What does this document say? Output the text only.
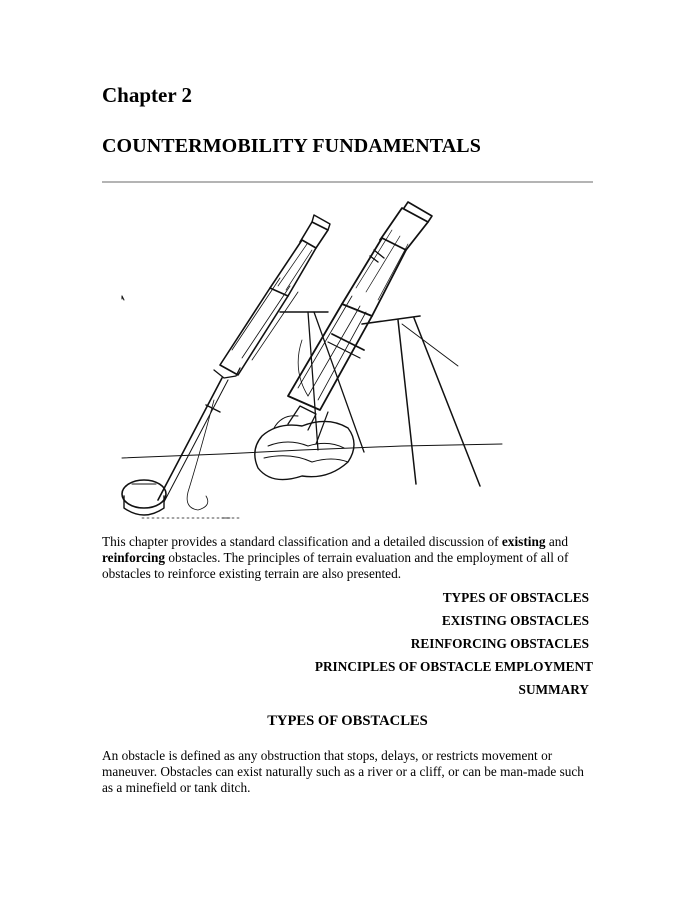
Chapter 2
COUNTERMOBILITY FUNDAMENTALS

This chapter provides a standard classification and a detailed discussion of existing and reinforcing obstacles. The principles of terrain evaluation and the employment of all of obstacles to reinforce existing terrain are also presented.

TYPES OF OBSTACLES
EXISTING OBSTACLES
REINFORCING OBSTACLES
PRINCIPLES OF OBSTACLE EMPLOYMENT
SUMMARY
TYPES OF OBSTACLES

An obstacle is defined as any obstruction that stops, delays, or restricts movement or maneuver. Obstacles can exist naturally such as a river or a cliff, or can be man-made such as a minefield or tank ditch.
